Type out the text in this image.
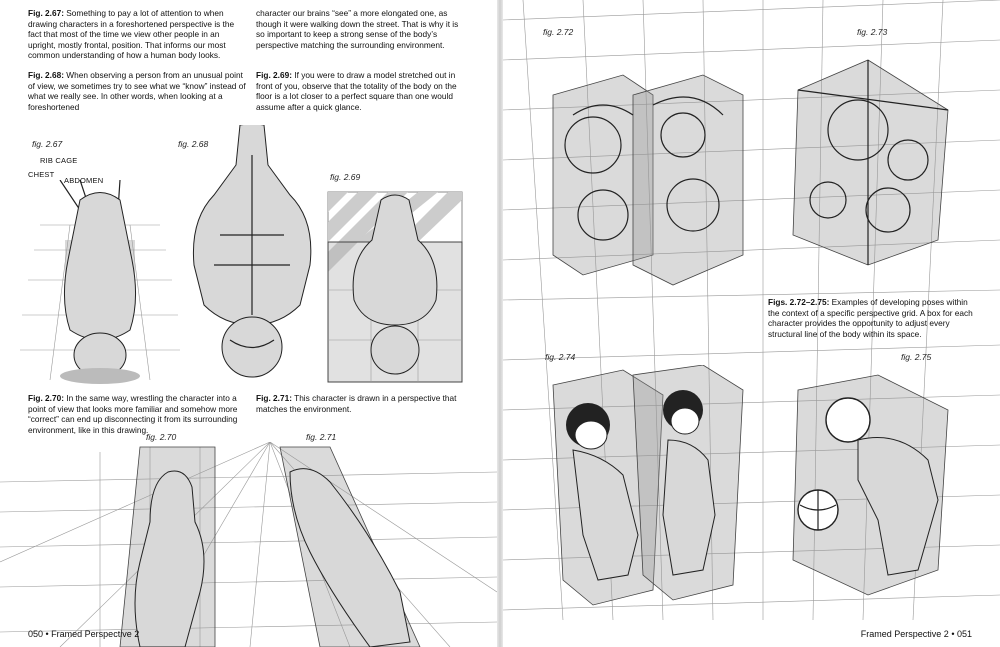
Fig. 2.67: Something to pay a lot of attention to when drawing characters in a foreshortened perspective is the fact that most of the time we view other people in an upright, mostly frontal, position. That informs our most common understanding of how a human body looks.

Fig. 2.68: When observing a person from an unusual point of view, we sometimes try to see what we “know” instead of what we really see. In other words, when looking at a foreshortened

character our brains “see” a more elongated one, as though it were walking down the street. That is why it is so important to keep a strong sense of the body’s perspective matching the surrounding environment.

Fig. 2.69: If you were to draw a model stretched out in front of you, observe that the totality of the body on the floor is a lot closer to a perfect square than one would assume after a quick glance.

fig. 2.67	fig. 2.68
fig. 2.69
RIB CAGE
CHEST
ABDOMEN

Fig. 2.70: In the same way, wrestling the character into a point of view that looks more familiar and somehow more “correct” can end up disconnecting it from its surrounding environment, like in this drawing.

Fig. 2.71: This character is drawn in a perspective that matches the environment.

fig. 2.70	fig. 2.71
050 • Framed Perspective 2
fig. 2.72	fig. 2.73

Figs. 2.72–2.75: Examples of developing poses within the context of a specific perspective grid. A box for each character provides the opportunity to adjust every structural line of the body within its space.

fig. 2.74	fig. 2.75
Framed Perspective 2 • 051
